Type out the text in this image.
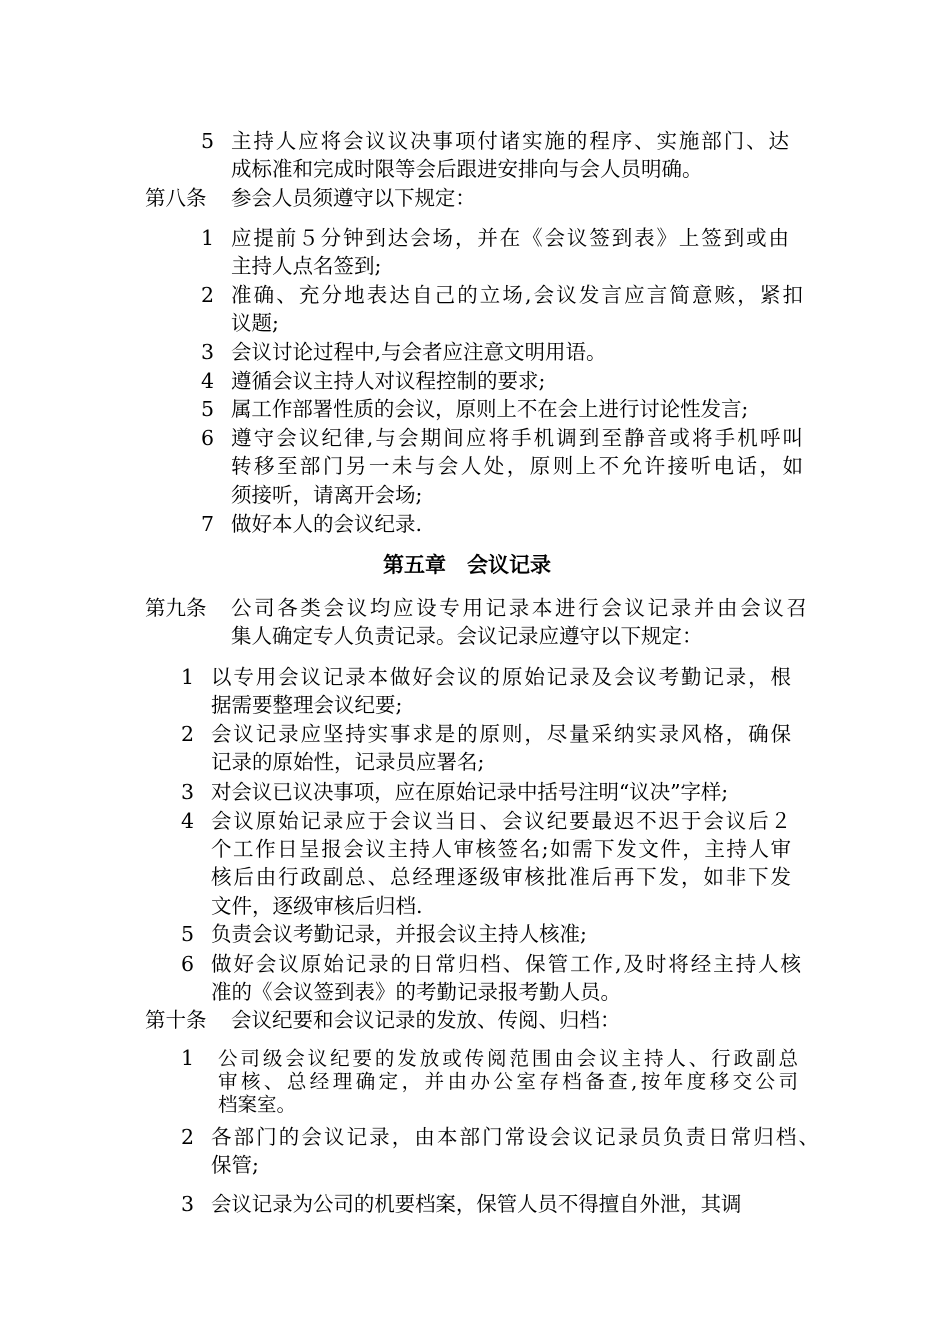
5 主持人应将会议议决事项付诸实施的程序、实施部门、达
成标准和完成时限等会后跟进安排向与会人员明确。
第八条 参会人员须遵守以下规定：
1 应提前５分钟到达会场，并在《会议签到表》上签到或由
主持人点名签到;
2 准确、充分地表达自己的立场,会议发言应言简意赅，紧扣
议题;
3 会议讨论过程中,与会者应注意文明用语。
4 遵循会议主持人对议程控制的要求;
5 属工作部署性质的会议，原则上不在会上进行讨论性发言;
6 遵守会议纪律,与会期间应将手机调到至静音或将手机呼叫
转移至部门另一未与会人处，原则上不允许接听电话，如
须接听，请离开会场;
7 做好本人的会议纪录.
第九条 公司各类会议均应设专用记录本进行会议记录并由会议召
集人确定专人负责记录。会议记录应遵守以下规定：
1 以专用会议记录本做好会议的原始记录及会议考勤记录，根
据需要整理会议纪要;
2 会议记录应坚持实事求是的原则，尽量采纳实录风格，确保
记录的原始性，记录员应署名;
3 对会议已议决事项，应在原始记录中括号注明“议决”字样;
4 会议原始记录应于会议当日、会议纪要最迟不迟于会议后２
个工作日呈报会议主持人审核签名;如需下发文件，主持人审
核后由行政副总、总经理逐级审核批准后再下发，如非下发
文件，逐级审核后归档.
5 负责会议考勤记录，并报会议主持人核准;
6 做好会议原始记录的日常归档、保管工作,及时将经主持人核
准的《会议签到表》的考勤记录报考勤人员。
第十条 会议纪要和会议记录的发放、传阅、归档：
1 公司级会议纪要的发放或传阅范围由会议主持人、行政副总
审核、总经理确定，并由办公室存档备查,按年度移交公司
档案室。
2 各部门的会议记录，由本部门常设会议记录员负责日常归档、
保管;
3 会议记录为公司的机要档案，保管人员不得擅自外泄，其调
第五章　会议记录
